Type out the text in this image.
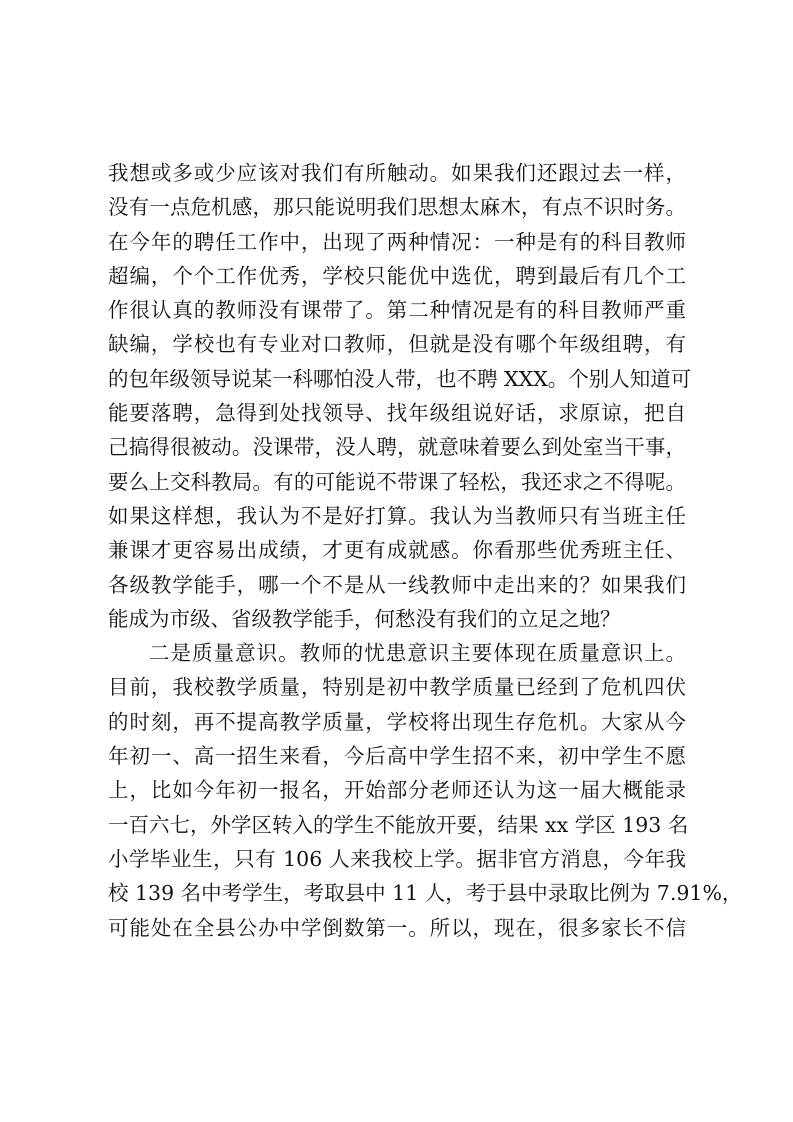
我想或多或少应该对我们有所触动。如果我们还跟过去一样，
没有一点危机感，那只能说明我们思想太麻木，有点不识时务。
在今年的聘任工作中，出现了两种情况：一种是有的科目教师
超编，个个工作优秀，学校只能优中选优，聘到最后有几个工
作很认真的教师没有课带了。第二种情况是有的科目教师严重
缺编，学校也有专业对口教师，但就是没有哪个年级组聘，有
的包年级领导说某一科哪怕没人带，也不聘 XXX。个别人知道可
能要落聘，急得到处找领导、找年级组说好话，求原谅，把自
己搞得很被动。没课带，没人聘，就意味着要么到处室当干事，
要么上交科教局。有的可能说不带课了轻松，我还求之不得呢。
如果这样想，我认为不是好打算。我认为当教师只有当班主任
兼课才更容易出成绩，才更有成就感。你看那些优秀班主任、
各级教学能手，哪一个不是从一线教师中走出来的？如果我们
能成为市级、省级教学能手，何愁没有我们的立足之地？
二是质量意识。教师的忧患意识主要体现在质量意识上。
目前，我校教学质量，特别是初中教学质量已经到了危机四伏
的时刻，再不提高教学质量，学校将出现生存危机。大家从今
年初一、高一招生来看，今后高中学生招不来，初中学生不愿
上，比如今年初一报名，开始部分老师还认为这一届大概能录
一百六七，外学区转入的学生不能放开要，结果 xx 学区 193 名
小学毕业生，只有 106 人来我校上学。据非官方消息，今年我
校 139 名中考学生，考取县中 11 人，考于县中录取比例为 7.91%，
可能处在全县公办中学倒数第一。所以，现在，很多家长不信
